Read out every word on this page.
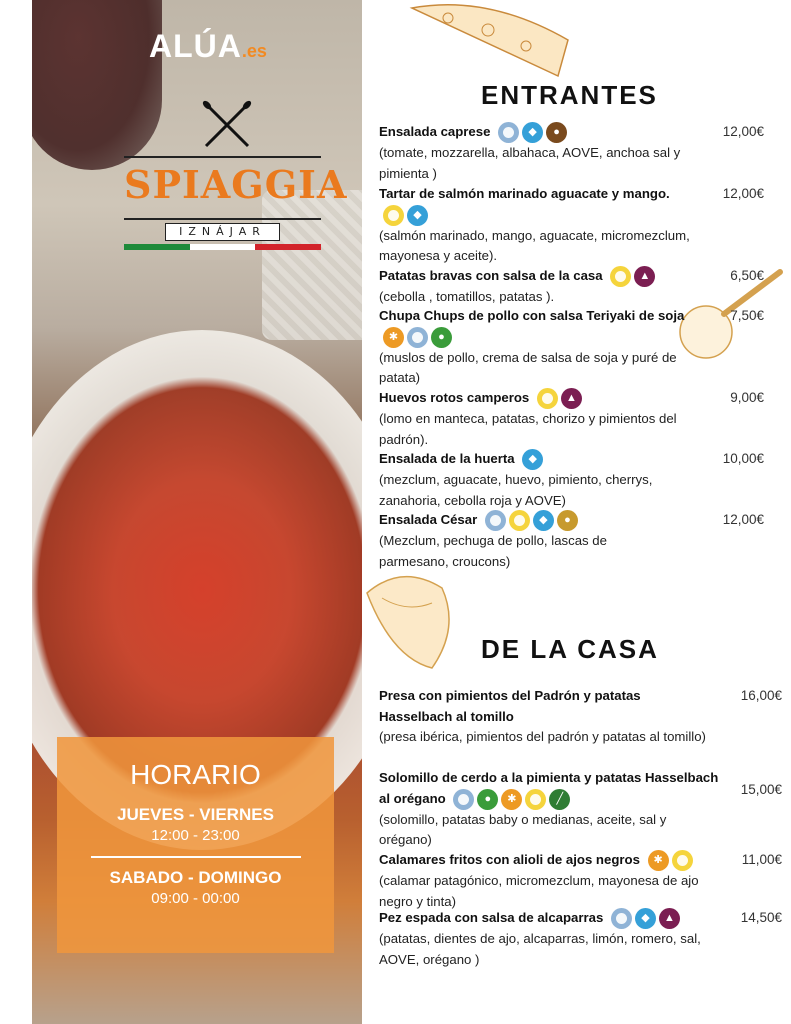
ALÚA.es
SPIAGGIA
IZNÁJAR
HORARIO
JUEVES - VIERNES
12:00 - 23:00
SABADO - DOMINGO
09:00 - 00:00
ENTRANTES
Ensalada caprese	◆	●
(tomate, mozzarella, albahaca, AOVE, anchoa sal y pimienta )
12,00€
Tartar de salmón marinado aguacate y mango.
◆
(salmón marinado, mango, aguacate, micromezclum, mayonesa y aceite).
12,00€
Patatas bravas con salsa de la casa	▲
(cebolla , tomatillos, patatas ).
6,50€
Chupa Chups de pollo con salsa Teriyaki de soja
✱	●
(muslos de pollo, crema de salsa de soja y puré de patata)
7,50€
Huevos rotos camperos	▲
(lomo en manteca, patatas, chorizo y pimientos del padrón).
9,00€
Ensalada de la huerta	◆
(mezclum, aguacate, huevo, pimiento, cherrys, zanahoria, cebolla roja y AOVE)
10,00€
Ensalada César	◆	●
(Mezclum, pechuga de pollo, lascas de parmesano, croucons)
12,00€
DE LA CASA
Presa con pimientos del Padrón y patatas Hasselbach al tomillo
(presa ibérica, pimientos del padrón y patatas al tomillo)
16,00€
Solomillo de cerdo a la pimienta y patatas Hasselbach al orégano	●	✱	╱
(solomillo, patatas baby o medianas, aceite, sal y orégano)
15,00€
Calamares fritos con alioli de ajos negros	✱
(calamar patagónico, micromezclum, mayonesa de ajo negro y tinta)
11,00€
Pez espada con salsa de alcaparras	◆	▲
(patatas, dientes de ajo, alcaparras, limón, romero, sal, AOVE, orégano )
14,50€
